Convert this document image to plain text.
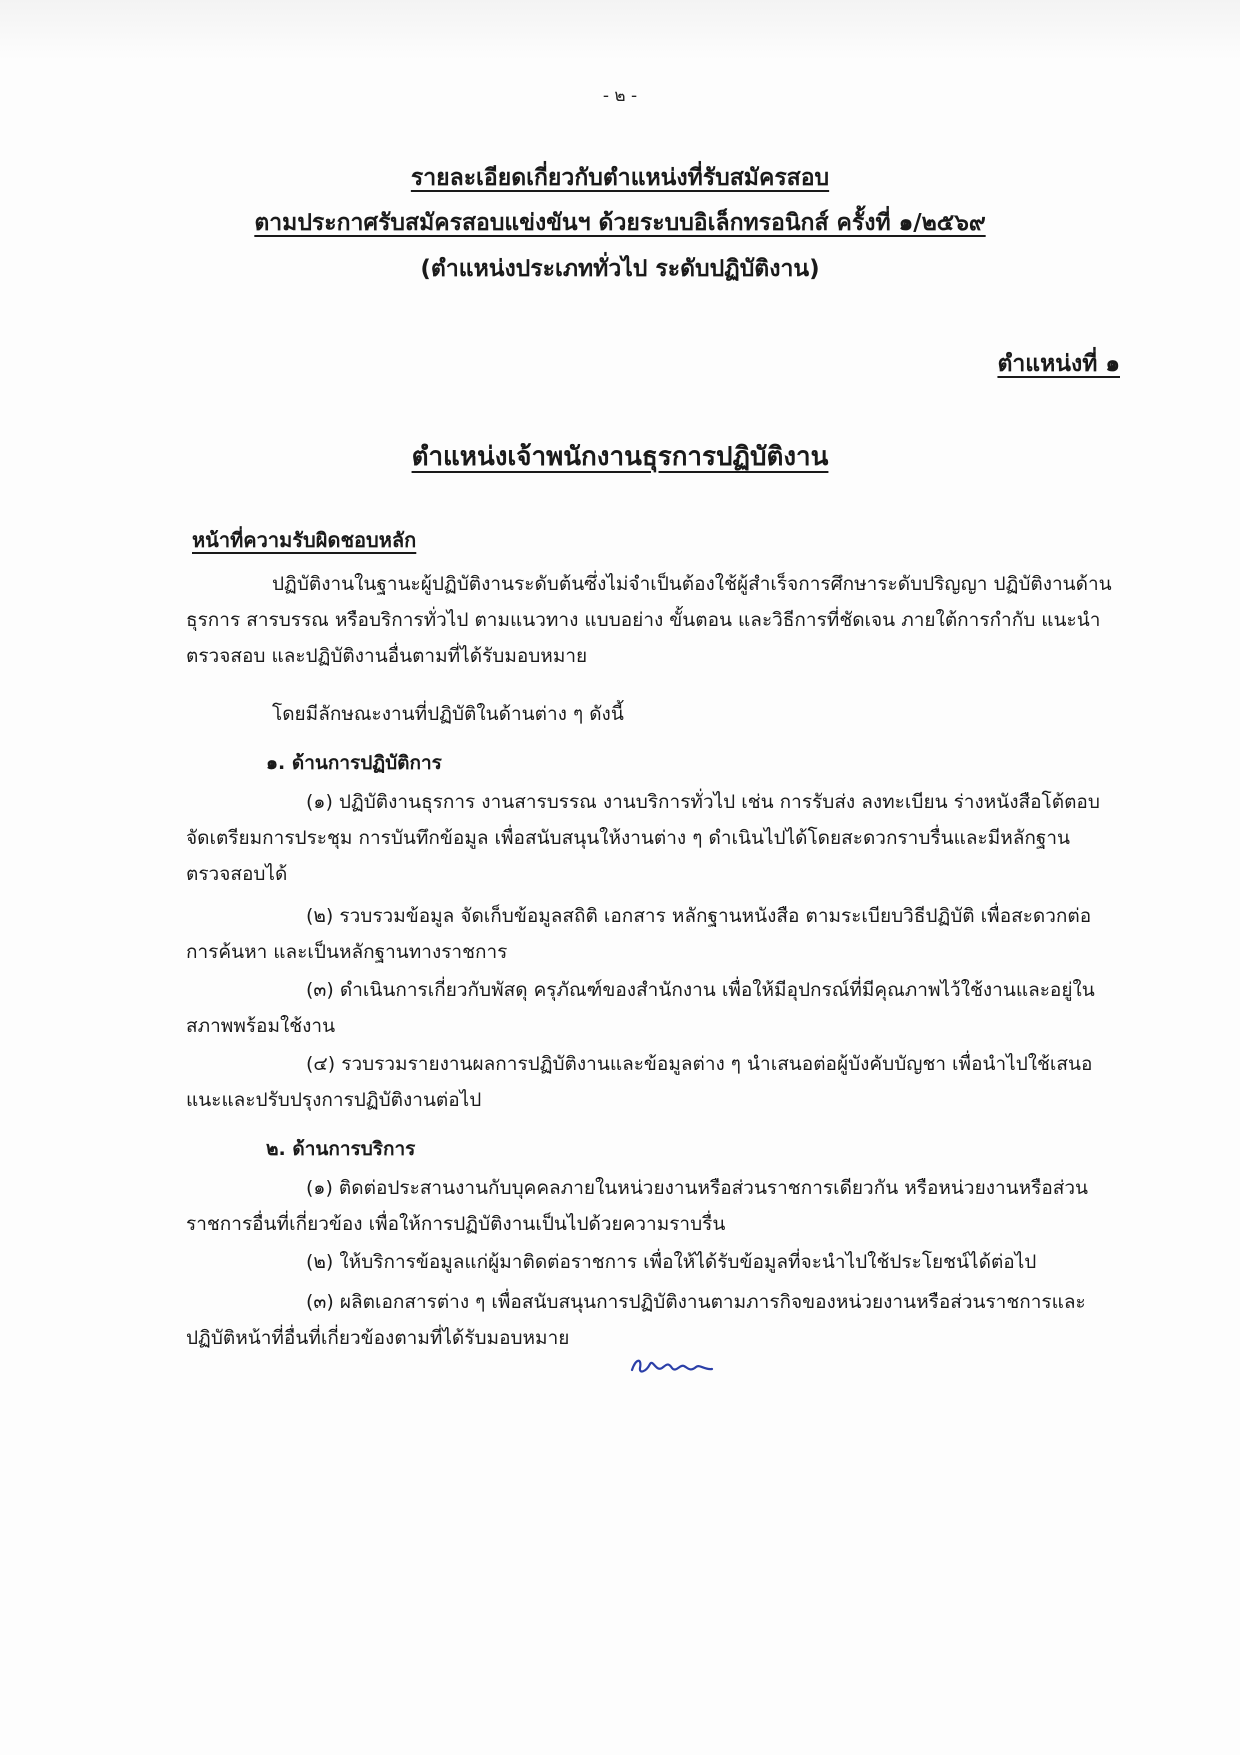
- ๒ -
รายละเอียดเกี่ยวกับตำแหน่งที่รับสมัครสอบ
ตามประกาศรับสมัครสอบแข่งขันฯ ด้วยระบบอิเล็กทรอนิกส์ ครั้งที่ ๑/๒๕๖๙
(ตำแหน่งประเภททั่วไป ระดับปฏิบัติงาน)
ตำแหน่งที่ ๑
ตำแหน่งเจ้าพนักงานธุรการปฏิบัติงาน
หน้าที่ความรับผิดชอบหลัก
ปฏิบัติงานในฐานะผู้ปฏิบัติงานระดับต้นซึ่งไม่จำเป็นต้องใช้ผู้สำเร็จการศึกษาระดับปริญญา ปฏิบัติงานด้านธุรการ สารบรรณ หรือบริการทั่วไป ตามแนวทาง แบบอย่าง ขั้นตอน และวิธีการที่ชัดเจน ภายใต้การกำกับ แนะนำ ตรวจสอบ และปฏิบัติงานอื่นตามที่ได้รับมอบหมาย
โดยมีลักษณะงานที่ปฏิบัติในด้านต่าง ๆ ดังนี้
๑. ด้านการปฏิบัติการ
(๑) ปฏิบัติงานธุรการ งานสารบรรณ งานบริการทั่วไป เช่น การรับส่ง ลงทะเบียน ร่างหนังสือโต้ตอบ จัดเตรียมการประชุม การบันทึกข้อมูล เพื่อสนับสนุนให้งานต่าง ๆ ดำเนินไปได้โดยสะดวกราบรื่นและมีหลักฐานตรวจสอบได้
(๒) รวบรวมข้อมูล จัดเก็บข้อมูลสถิติ เอกสาร หลักฐานหนังสือ ตามระเบียบวิธีปฏิบัติ เพื่อสะดวกต่อการค้นหา และเป็นหลักฐานทางราชการ
(๓) ดำเนินการเกี่ยวกับพัสดุ ครุภัณฑ์ของสำนักงาน เพื่อให้มีอุปกรณ์ที่มีคุณภาพไว้ใช้งานและอยู่ในสภาพพร้อมใช้งาน
(๔) รวบรวมรายงานผลการปฏิบัติงานและข้อมูลต่าง ๆ นำเสนอต่อผู้บังคับบัญชา เพื่อนำไปใช้เสนอแนะและปรับปรุงการปฏิบัติงานต่อไป
๒. ด้านการบริการ
(๑) ติดต่อประสานงานกับบุคคลภายในหน่วยงานหรือส่วนราชการเดียวกัน หรือหน่วยงานหรือส่วนราชการอื่นที่เกี่ยวข้อง เพื่อให้การปฏิบัติงานเป็นไปด้วยความราบรื่น
(๒) ให้บริการข้อมูลแก่ผู้มาติดต่อราชการ เพื่อให้ได้รับข้อมูลที่จะนำไปใช้ประโยชน์ได้ต่อไป
(๓) ผลิตเอกสารต่าง ๆ เพื่อสนับสนุนการปฏิบัติงานตามภารกิจของหน่วยงานหรือส่วนราชการและปฏิบัติหน้าที่อื่นที่เกี่ยวข้องตามที่ได้รับมอบหมาย
